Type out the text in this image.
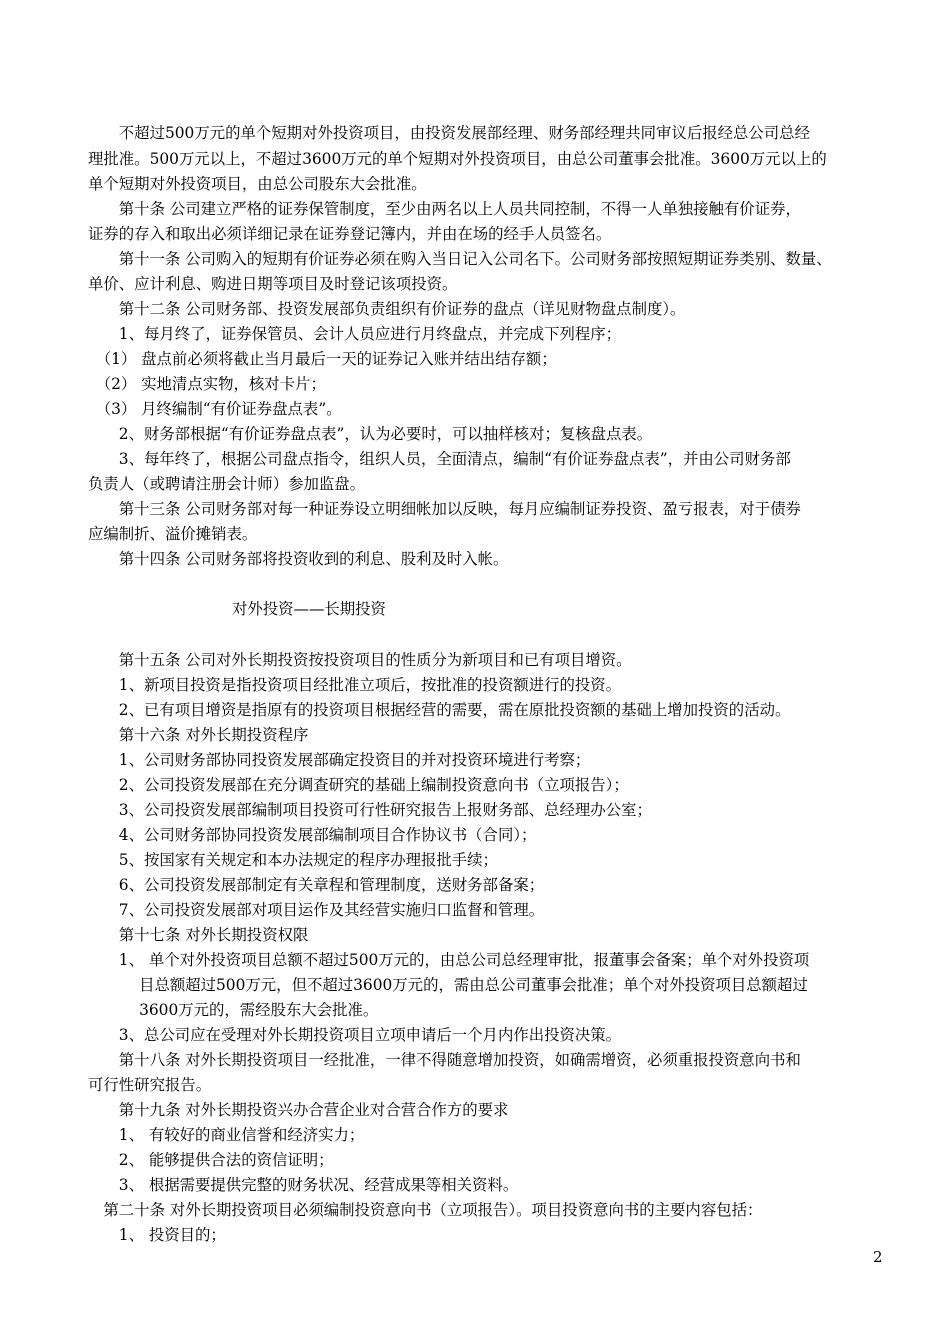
　　不超过500万元的单个短期对外投资项目，由投资发展部经理、财务部经理共同审议后报经总公司总经
理批准。500万元以上，不超过3600万元的单个短期对外投资项目，由总公司董事会批准。3600万元以上的
单个短期对外投资项目，由总公司股东大会批准。
　　第十条 公司建立严格的证券保管制度，至少由两名以上人员共同控制，不得一人单独接触有价证券，
证券的存入和取出必须详细记录在证券登记簿内，并由在场的经手人员签名。
　　第十一条 公司购入的短期有价证券必须在购入当日记入公司名下。公司财务部按照短期证券类别、数量、
单价、应计利息、购进日期等项目及时登记该项投资。
　　第十二条 公司财务部、投资发展部负责组织有价证券的盘点（详见财物盘点制度）。
　　1、每月终了，证券保管员、会计人员应进行月终盘点，并完成下列程序；
　（1） 盘点前必须将截止当月最后一天的证券记入账并结出结存额；
　（2） 实地清点实物，核对卡片；
　（3） 月终编制“有价证券盘点表”。
　　2、财务部根据“有价证券盘点表”，认为必要时，可以抽样核对；复核盘点表。
　　3、每年终了，根据公司盘点指令，组织人员，全面清点，编制“有价证券盘点表”，并由公司财务部
负责人（或聘请注册会计师）参加监盘。
　　第十三条 公司财务部对每一种证券设立明细帐加以反映，每月应编制证券投资、盈亏报表，对于债券
应编制折、溢价摊销表。
　　第十四条 公司财务部将投资收到的利息、股利及时入帐。
对外投资——长期投资
　　第十五条 公司对外长期投资按投资项目的性质分为新项目和已有项目增资。
　　1、新项目投资是指投资项目经批准立项后，按批准的投资额进行的投资。
　　2、已有项目增资是指原有的投资项目根据经营的需要，需在原批投资额的基础上增加投资的活动。
　　第十六条 对外长期投资程序
　　1、公司财务部协同投资发展部确定投资目的并对投资环境进行考察；
　　2、公司投资发展部在充分调查研究的基础上编制投资意向书（立项报告）；
　　3、公司投资发展部编制项目投资可行性研究报告上报财务部、总经理办公室；
　　4、公司财务部协同投资发展部编制项目合作协议书（合同）；
　　5、按国家有关规定和本办法规定的程序办理报批手续；
　　6、公司投资发展部制定有关章程和管理制度，送财务部备案；
　　7、公司投资发展部对项目运作及其经营实施归口监督和管理。
　　第十七条 对外长期投资权限
　　1、 单个对外投资项目总额不超过500万元的，由总公司总经理审批，报董事会备案；单个对外投资项
　　　 目总额超过500万元，但不超过3600万元的，需由总公司董事会批准；单个对外投资项目总额超过
　　　 3600万元的，需经股东大会批准。
　　3、总公司应在受理对外长期投资项目立项申请后一个月内作出投资决策。
　　第十八条 对外长期投资项目一经批准，一律不得随意增加投资，如确需增资，必须重报投资意向书和
可行性研究报告。
　　第十九条 对外长期投资兴办合营企业对合营合作方的要求
　　1、 有较好的商业信誉和经济实力；
　　2、 能够提供合法的资信证明；
　　3、 根据需要提供完整的财务状况、经营成果等相关资料。
　第二十条 对外长期投资项目必须编制投资意向书（立项报告）。项目投资意向书的主要内容包括：
　　1、 投资目的；
2
